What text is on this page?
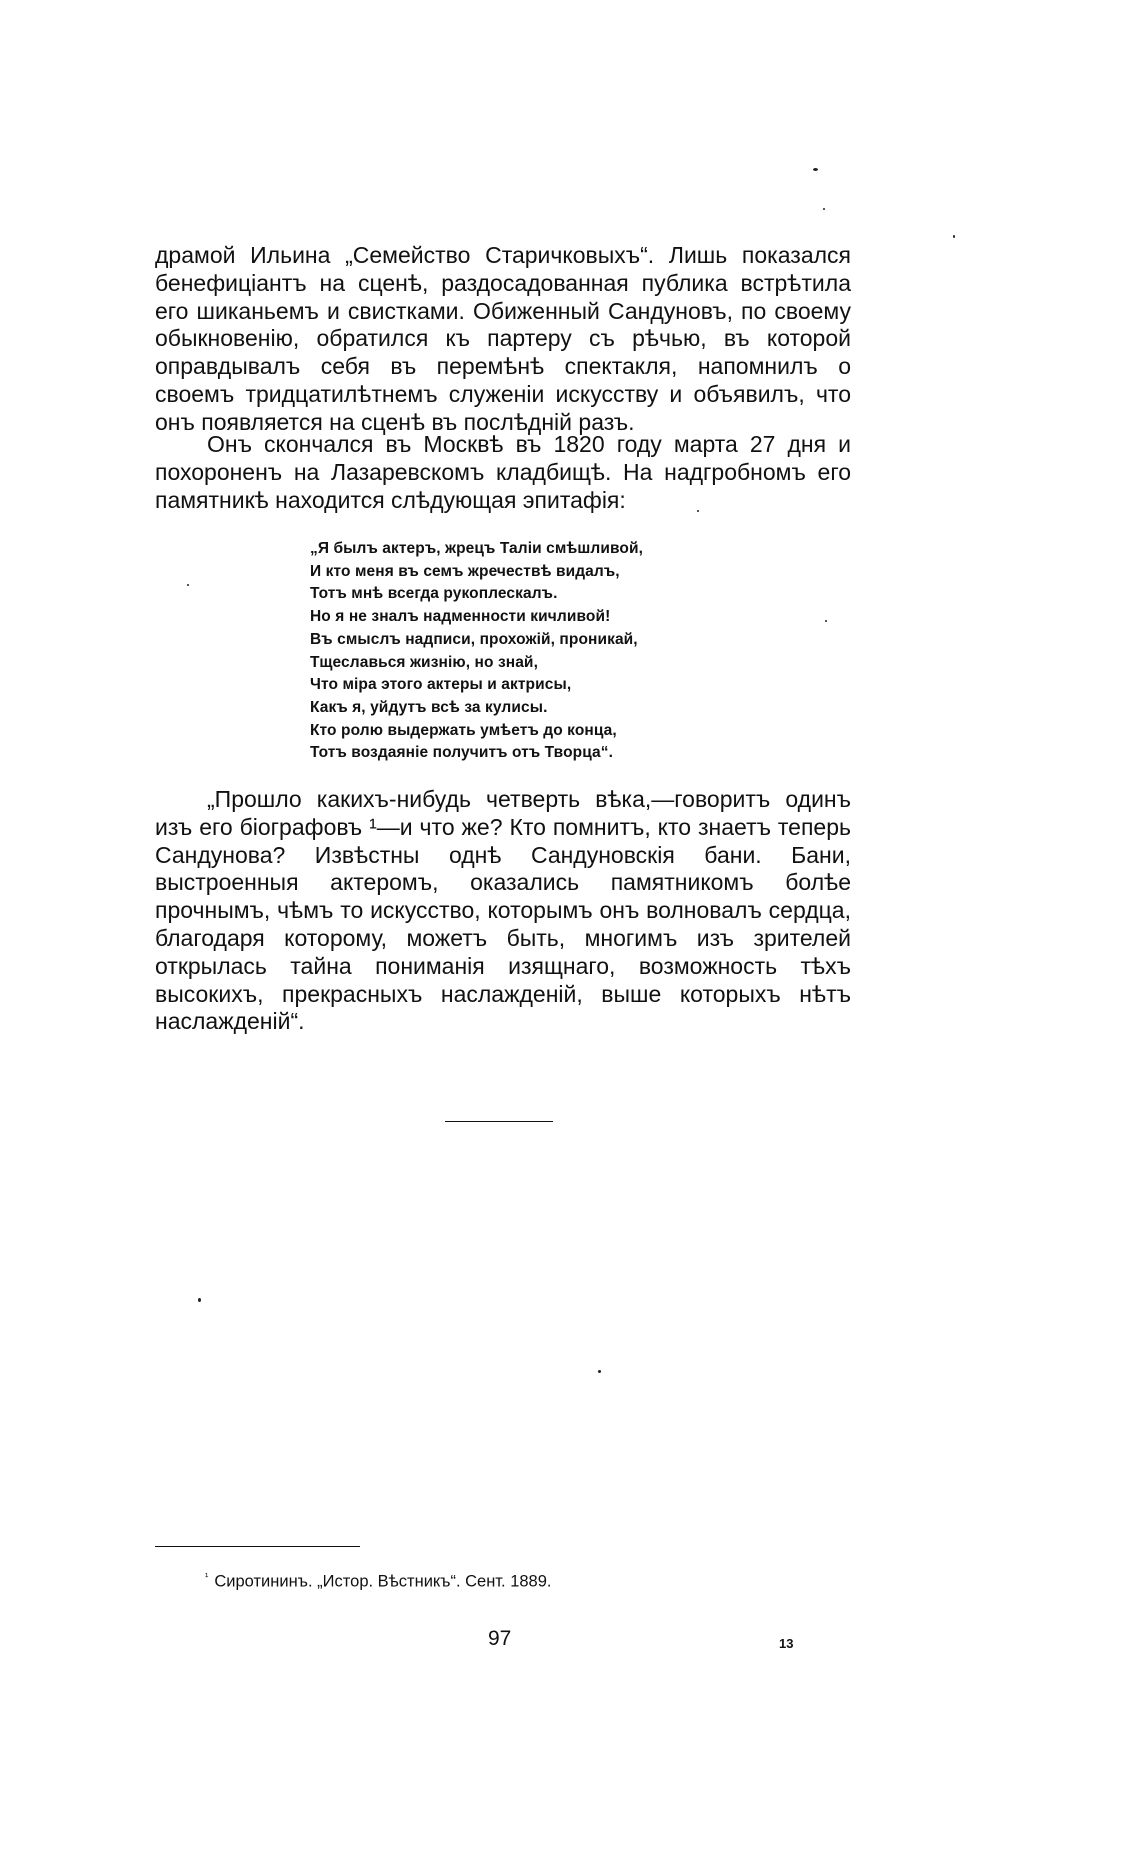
драмой Ильина „Семейство Старичковыхъ“. Лишь показался бенефиціантъ на сценѣ, раздосадованная публика встрѣтила его шиканьемъ и свистками. Обиженный Сандуновъ, по своему обыкновенію, обратился къ партеру съ рѣчью, въ которой оправдывалъ себя въ перемѣнѣ спектакля, напомнилъ о своемъ тридцатилѣтнемъ служеніи искусству и объявилъ, что онъ появляется на сценѣ въ послѣдній разъ.

Онъ скончался въ Москвѣ въ 1820 году марта 27 дня и похороненъ на Лазаревскомъ кладбищѣ. На надгробномъ его памятникѣ находится слѣдующая эпитафія:

„Я былъ актеръ, жрецъ Таліи смѣшливой,
И кто меня въ семъ жречествѣ видалъ,
Тотъ мнѣ всегда рукоплескалъ.
Но я не зналъ надменности кичливой!
Въ смыслъ надписи, прохожій, проникай,
Тщеславься жизнію, но знай,
Что міра этого актеры и актрисы,
Какъ я, уйдутъ всѣ за кулисы.
Кто ролю выдержать умѣетъ до конца,
Тотъ воздаяніе получитъ отъ Творца“.

„Прошло какихъ-нибудь четверть вѣка,—говоритъ одинъ изъ его біографовъ ¹—и что же? Кто помнитъ, кто знаетъ теперь Сандунова? Извѣстны однѣ Сандуновскія бани. Бани, выстроенныя актеромъ, оказались памятникомъ болѣе прочнымъ, чѣмъ то искусство, которымъ онъ волновалъ сердца, благодаря которому, можетъ быть, многимъ изъ зрителей открылась тайна пониманія изящнаго, возможность тѣхъ высокихъ, прекрасныхъ наслажденій, выше которыхъ нѣтъ наслажденій“.

$^{^1}$ Сиротининъ. „Истор. Вѣстникъ“. Сент. 1889.
97	13
